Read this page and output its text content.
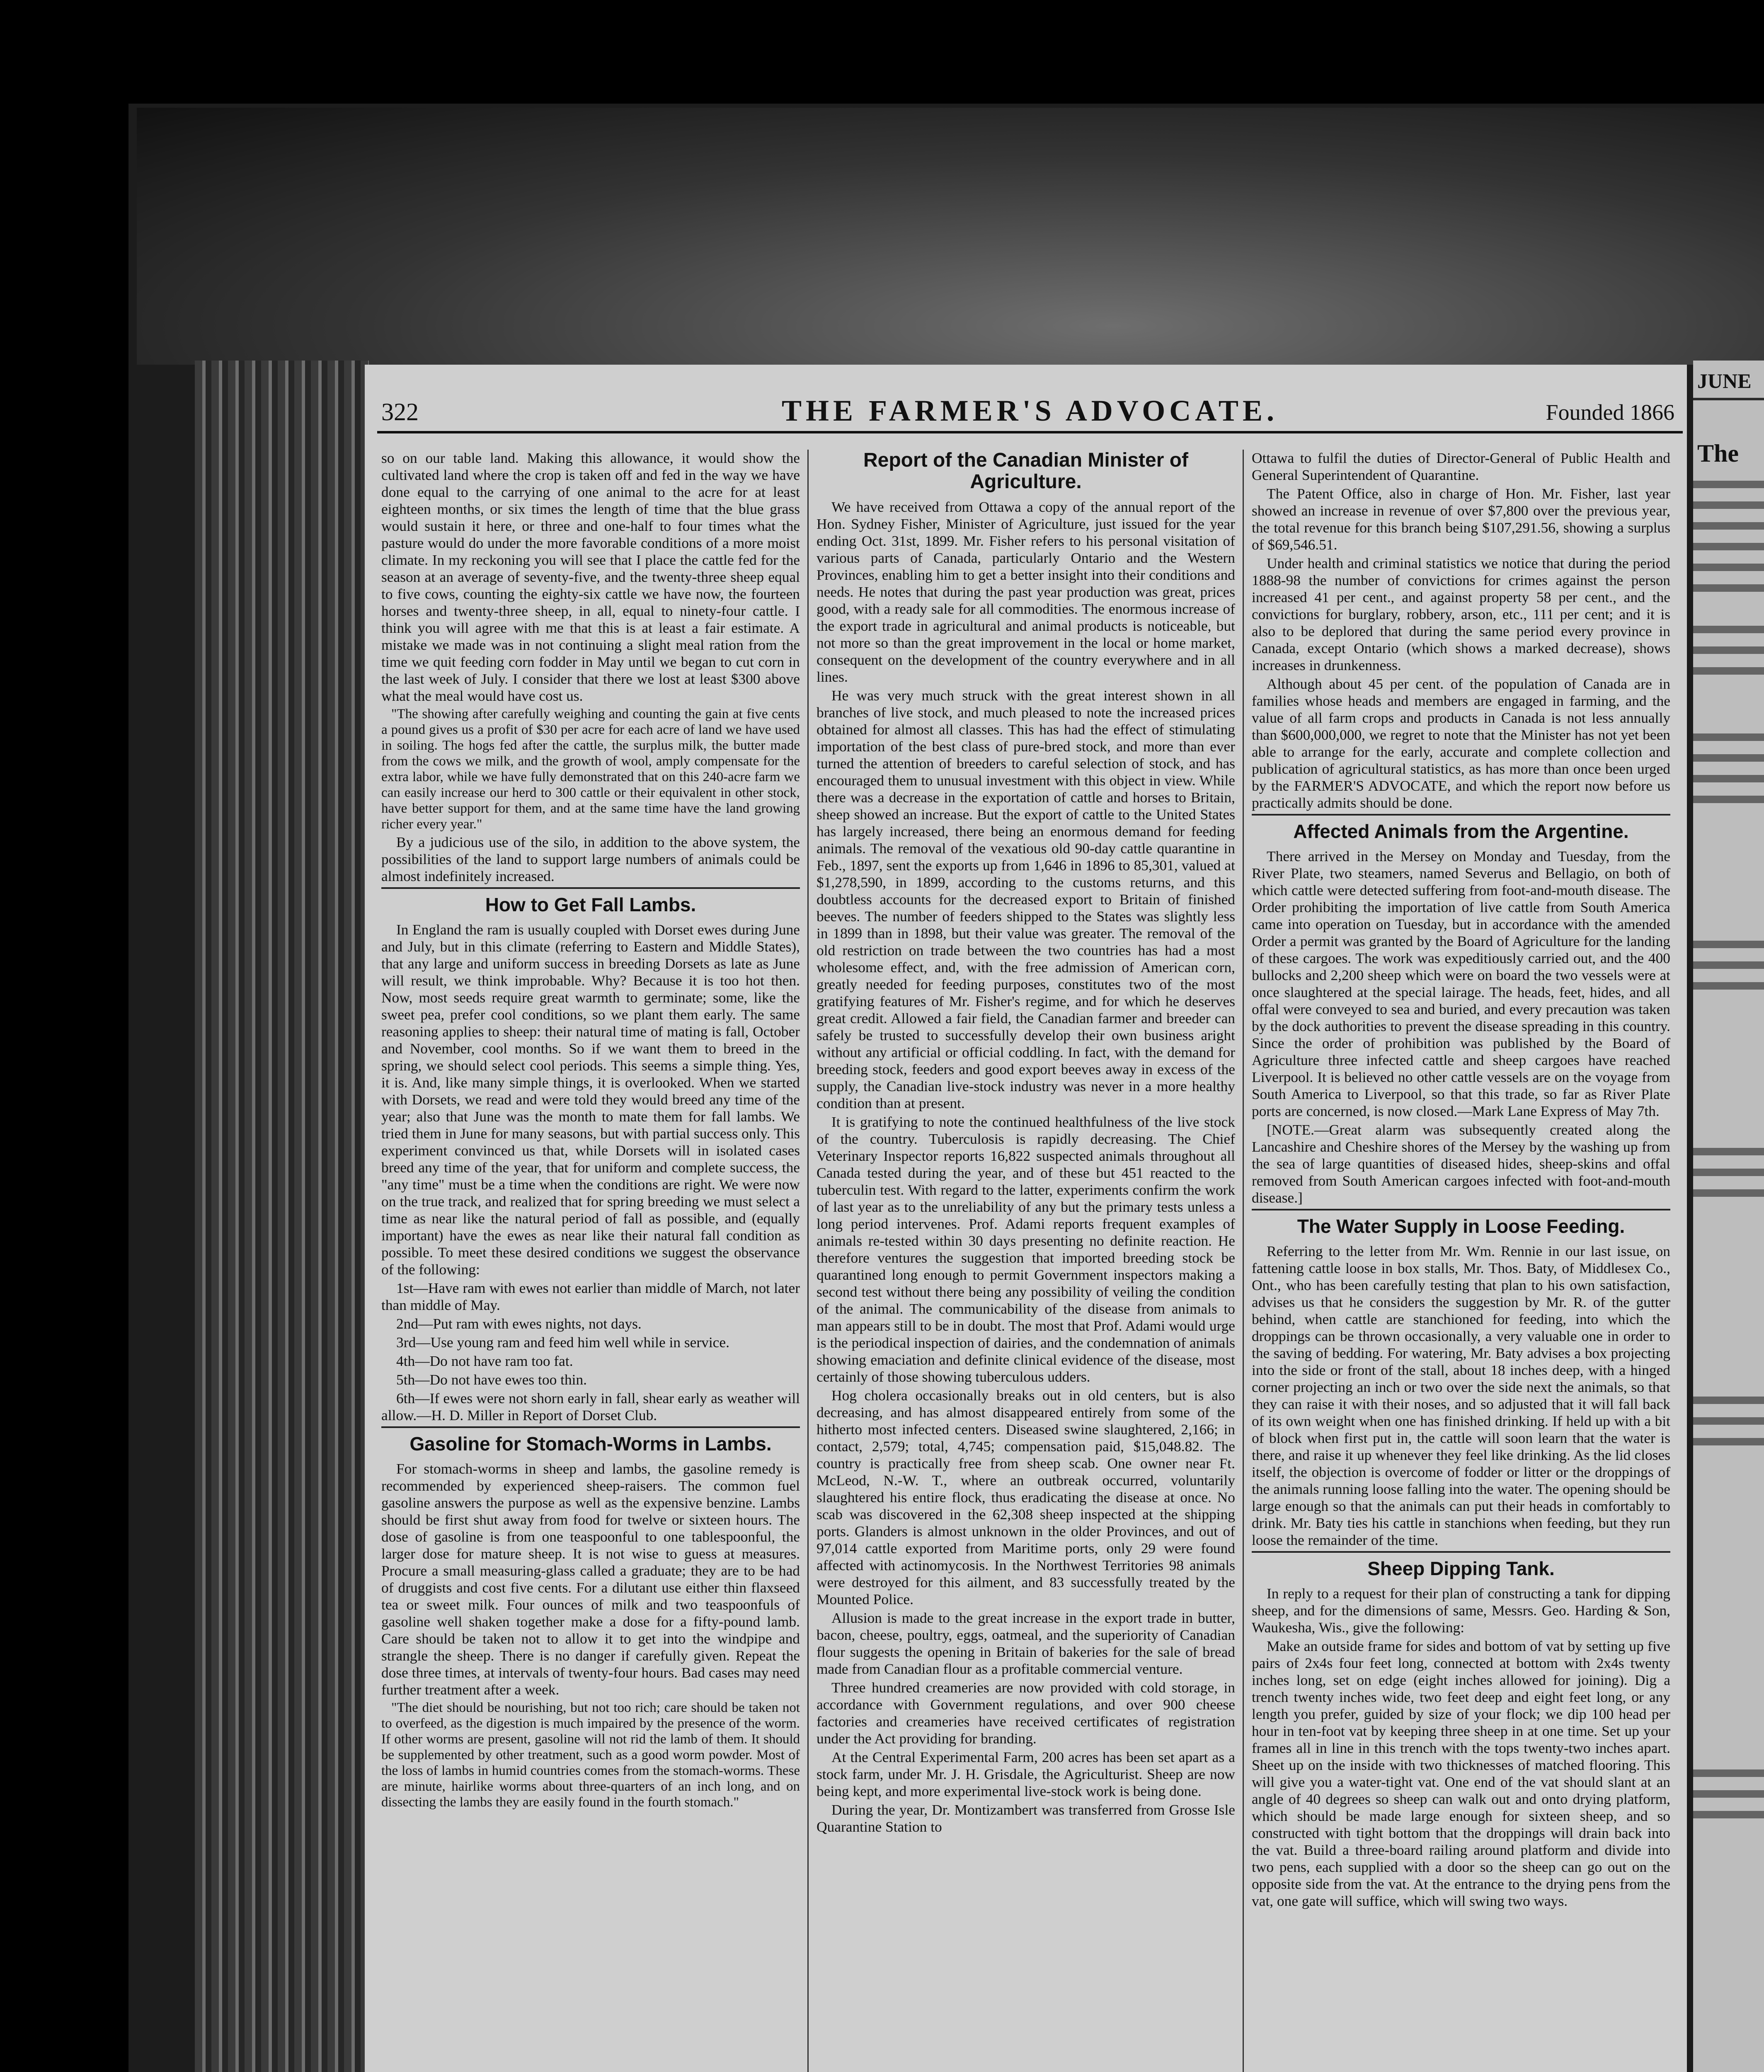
JUNE
The
322	THE FARMER'S ADVOCATE.	Founded 1866

so on our table land. Making this allowance, it would show the cultivated land where the crop is taken off and fed in the way we have done equal to the carrying of one animal to the acre for at least eighteen months, or six times the length of time that the blue grass would sustain it here, or three and one-half to four times what the pasture would do under the more favorable conditions of a more moist climate. In my reckoning you will see that I place the cattle fed for the season at an average of seventy-five, and the twenty-three sheep equal to five cows, counting the eighty-six cattle we have now, the fourteen horses and twenty-three sheep, in all, equal to ninety-four cattle. I think you will agree with me that this is at least a fair estimate. A mistake we made was in not continuing a slight meal ration from the time we quit feeding corn fodder in May until we began to cut corn in the last week of July. I consider that there we lost at least $300 above what the meal would have cost us.

"The showing after carefully weighing and counting the gain at five cents a pound gives us a profit of $30 per acre for each acre of land we have used in soiling. The hogs fed after the cattle, the surplus milk, the butter made from the cows we milk, and the growth of wool, amply compensate for the extra labor, while we have fully demonstrated that on this 240-acre farm we can easily increase our herd to 300 cattle or their equivalent in other stock, have better support for them, and at the same time have the land growing richer every year."

By a judicious use of the silo, in addition to the above system, the possibilities of the land to support large numbers of animals could be almost indefinitely increased.

How to Get Fall Lambs.

In England the ram is usually coupled with Dorset ewes during June and July, but in this climate (referring to Eastern and Middle States), that any large and uniform success in breeding Dorsets as late as June will result, we think improbable. Why? Because it is too hot then. Now, most seeds require great warmth to germinate; some, like the sweet pea, prefer cool conditions, so we plant them early. The same reasoning applies to sheep: their natural time of mating is fall, October and November, cool months. So if we want them to breed in the spring, we should select cool periods. This seems a simple thing. Yes, it is. And, like many simple things, it is overlooked. When we started with Dorsets, we read and were told they would breed any time of the year; also that June was the month to mate them for fall lambs. We tried them in June for many seasons, but with partial success only. This experiment convinced us that, while Dorsets will in isolated cases breed any time of the year, that for uniform and complete success, the "any time" must be a time when the conditions are right. We were now on the true track, and realized that for spring breeding we must select a time as near like the natural period of fall as possible, and (equally important) have the ewes as near like their natural fall condition as possible. To meet these desired conditions we suggest the observance of the following:

1st—Have ram with ewes not earlier than middle of March, not later than middle of May.

2nd—Put ram with ewes nights, not days.

3rd—Use young ram and feed him well while in service.

4th—Do not have ram too fat.

5th—Do not have ewes too thin.

6th—If ewes were not shorn early in fall, shear early as weather will allow.—H. D. Miller in Report of Dorset Club.

Gasoline for Stomach-Worms in Lambs.

For stomach-worms in sheep and lambs, the gasoline remedy is recommended by experienced sheep-raisers. The common fuel gasoline answers the purpose as well as the expensive benzine. Lambs should be first shut away from food for twelve or sixteen hours. The dose of gasoline is from one teaspoonful to one tablespoonful, the larger dose for mature sheep. It is not wise to guess at measures. Procure a small measuring-glass called a graduate; they are to be had of druggists and cost five cents. For a dilutant use either thin flaxseed tea or sweet milk. Four ounces of milk and two teaspoonfuls of gasoline well shaken together make a dose for a fifty-pound lamb. Care should be taken not to allow it to get into the windpipe and strangle the sheep. There is no danger if carefully given. Repeat the dose three times, at intervals of twenty-four hours. Bad cases may need further treatment after a week.

"The diet should be nourishing, but not too rich; care should be taken not to overfeed, as the digestion is much impaired by the presence of the worm. If other worms are present, gasoline will not rid the lamb of them. It should be supplemented by other treatment, such as a good worm powder. Most of the loss of lambs in humid countries comes from the stomach-worms. These are minute, hairlike worms about three-quarters of an inch long, and on dissecting the lambs they are easily found in the fourth stomach."

Report of the Canadian Minister of Agriculture.

We have received from Ottawa a copy of the annual report of the Hon. Sydney Fisher, Minister of Agriculture, just issued for the year ending Oct. 31st, 1899. Mr. Fisher refers to his personal visitation of various parts of Canada, particularly Ontario and the Western Provinces, enabling him to get a better insight into their conditions and needs. He notes that during the past year production was great, prices good, with a ready sale for all commodities. The enormous increase of the export trade in agricultural and animal products is noticeable, but not more so than the great improvement in the local or home market, consequent on the development of the country everywhere and in all lines.

He was very much struck with the great interest shown in all branches of live stock, and much pleased to note the increased prices obtained for almost all classes. This has had the effect of stimulating importation of the best class of pure-bred stock, and more than ever turned the attention of breeders to careful selection of stock, and has encouraged them to unusual investment with this object in view. While there was a decrease in the exportation of cattle and horses to Britain, sheep showed an increase. But the export of cattle to the United States has largely increased, there being an enormous demand for feeding animals. The removal of the vexatious old 90-day cattle quarantine in Feb., 1897, sent the exports up from 1,646 in 1896 to 85,301, valued at $1,278,590, in 1899, according to the customs returns, and this doubtless accounts for the decreased export to Britain of finished beeves. The number of feeders shipped to the States was slightly less in 1899 than in 1898, but their value was greater. The removal of the old restriction on trade between the two countries has had a most wholesome effect, and, with the free admission of American corn, greatly needed for feeding purposes, constitutes two of the most gratifying features of Mr. Fisher's regime, and for which he deserves great credit. Allowed a fair field, the Canadian farmer and breeder can safely be trusted to successfully develop their own business aright without any artificial or official coddling. In fact, with the demand for breeding stock, feeders and good export beeves away in excess of the supply, the Canadian live-stock industry was never in a more healthy condition than at present.

It is gratifying to note the continued healthfulness of the live stock of the country. Tuberculosis is rapidly decreasing. The Chief Veterinary Inspector reports 16,822 suspected animals throughout all Canada tested during the year, and of these but 451 reacted to the tuberculin test. With regard to the latter, experiments confirm the work of last year as to the unreliability of any but the primary tests unless a long period intervenes. Prof. Adami reports frequent examples of animals re-tested within 30 days presenting no definite reaction. He therefore ventures the suggestion that imported breeding stock be quarantined long enough to permit Government inspectors making a second test without there being any possibility of veiling the condition of the animal. The communicability of the disease from animals to man appears still to be in doubt. The most that Prof. Adami would urge is the periodical inspection of dairies, and the condemnation of animals showing emaciation and definite clinical evidence of the disease, most certainly of those showing tuberculous udders.

Hog cholera occasionally breaks out in old centers, but is also decreasing, and has almost disappeared entirely from some of the hitherto most infected centers. Diseased swine slaughtered, 2,166; in contact, 2,579; total, 4,745; compensation paid, $15,048.82. The country is practically free from sheep scab. One owner near Ft. McLeod, N.-W. T., where an outbreak occurred, voluntarily slaughtered his entire flock, thus eradicating the disease at once. No scab was discovered in the 62,308 sheep inspected at the shipping ports. Glanders is almost unknown in the older Provinces, and out of 97,014 cattle exported from Maritime ports, only 29 were found affected with actinomycosis. In the Northwest Territories 98 animals were destroyed for this ailment, and 83 successfully treated by the Mounted Police.

Allusion is made to the great increase in the export trade in butter, bacon, cheese, poultry, eggs, oatmeal, and the superiority of Canadian flour suggests the opening in Britain of bakeries for the sale of bread made from Canadian flour as a profitable commercial venture.

Three hundred creameries are now provided with cold storage, in accordance with Government regulations, and over 900 cheese factories and creameries have received certificates of registration under the Act providing for branding.

At the Central Experimental Farm, 200 acres has been set apart as a stock farm, under Mr. J. H. Grisdale, the Agriculturist. Sheep are now being kept, and more experimental live-stock work is being done.

During the year, Dr. Montizambert was transferred from Grosse Isle Quarantine Station to

Ottawa to fulfil the duties of Director-General of Public Health and General Superintendent of Quarantine.

The Patent Office, also in charge of Hon. Mr. Fisher, last year showed an increase in revenue of over $7,800 over the previous year, the total revenue for this branch being $107,291.56, showing a surplus of $69,546.51.

Under health and criminal statistics we notice that during the period 1888-98 the number of convictions for crimes against the person increased 41 per cent., and against property 58 per cent., and the convictions for burglary, robbery, arson, etc., 111 per cent; and it is also to be deplored that during the same period every province in Canada, except Ontario (which shows a marked decrease), shows increases in drunkenness.

Although about 45 per cent. of the population of Canada are in families whose heads and members are engaged in farming, and the value of all farm crops and products in Canada is not less annually than $600,000,000, we regret to note that the Minister has not yet been able to arrange for the early, accurate and complete collection and publication of agricultural statistics, as has more than once been urged by the FARMER'S ADVOCATE, and which the report now before us practically admits should be done.

Affected Animals from the Argentine.

There arrived in the Mersey on Monday and Tuesday, from the River Plate, two steamers, named Severus and Bellagio, on both of which cattle were detected suffering from foot-and-mouth disease. The Order prohibiting the importation of live cattle from South America came into operation on Tuesday, but in accordance with the amended Order a permit was granted by the Board of Agriculture for the landing of these cargoes. The work was expeditiously carried out, and the 400 bullocks and 2,200 sheep which were on board the two vessels were at once slaughtered at the special lairage. The heads, feet, hides, and all offal were conveyed to sea and buried, and every precaution was taken by the dock authorities to prevent the disease spreading in this country. Since the order of prohibition was published by the Board of Agriculture three infected cattle and sheep cargoes have reached Liverpool. It is believed no other cattle vessels are on the voyage from South America to Liverpool, so that this trade, so far as River Plate ports are concerned, is now closed.—Mark Lane Express of May 7th.

[NOTE.—Great alarm was subsequently created along the Lancashire and Cheshire shores of the Mersey by the washing up from the sea of large quantities of diseased hides, sheep-skins and offal removed from South American cargoes infected with foot-and-mouth disease.]

The Water Supply in Loose Feeding.

Referring to the letter from Mr. Wm. Rennie in our last issue, on fattening cattle loose in box stalls, Mr. Thos. Baty, of Middlesex Co., Ont., who has been carefully testing that plan to his own satisfaction, advises us that he considers the suggestion by Mr. R. of the gutter behind, when cattle are stanchioned for feeding, into which the droppings can be thrown occasionally, a very valuable one in order to the saving of bedding. For watering, Mr. Baty advises a box projecting into the side or front of the stall, about 18 inches deep, with a hinged corner projecting an inch or two over the side next the animals, so that they can raise it with their noses, and so adjusted that it will fall back of its own weight when one has finished drinking. If held up with a bit of block when first put in, the cattle will soon learn that the water is there, and raise it up whenever they feel like drinking. As the lid closes itself, the objection is overcome of fodder or litter or the droppings of the animals running loose falling into the water. The opening should be large enough so that the animals can put their heads in comfortably to drink. Mr. Baty ties his cattle in stanchions when feeding, but they run loose the remainder of the time.

Sheep Dipping Tank.

In reply to a request for their plan of constructing a tank for dipping sheep, and for the dimensions of same, Messrs. Geo. Harding & Son, Waukesha, Wis., give the following:

Make an outside frame for sides and bottom of vat by setting up five pairs of 2x4s four feet long, connected at bottom with 2x4s twenty inches long, set on edge (eight inches allowed for joining). Dig a trench twenty inches wide, two feet deep and eight feet long, or any length you prefer, guided by size of your flock; we dip 100 head per hour in ten-foot vat by keeping three sheep in at one time. Set up your frames all in line in this trench with the tops twenty-two inches apart. Sheet up on the inside with two thicknesses of matched flooring. This will give you a water-tight vat. One end of the vat should slant at an angle of 40 degrees so sheep can walk out and onto drying platform, which should be made large enough for sixteen sheep, and so constructed with tight bottom that the droppings will drain back into the vat. Build a three-board railing around platform and divide into two pens, each supplied with a door so the sheep can go out on the opposite side from the vat. At the entrance to the drying pens from the vat, one gate will suffice, which will swing two ways.
